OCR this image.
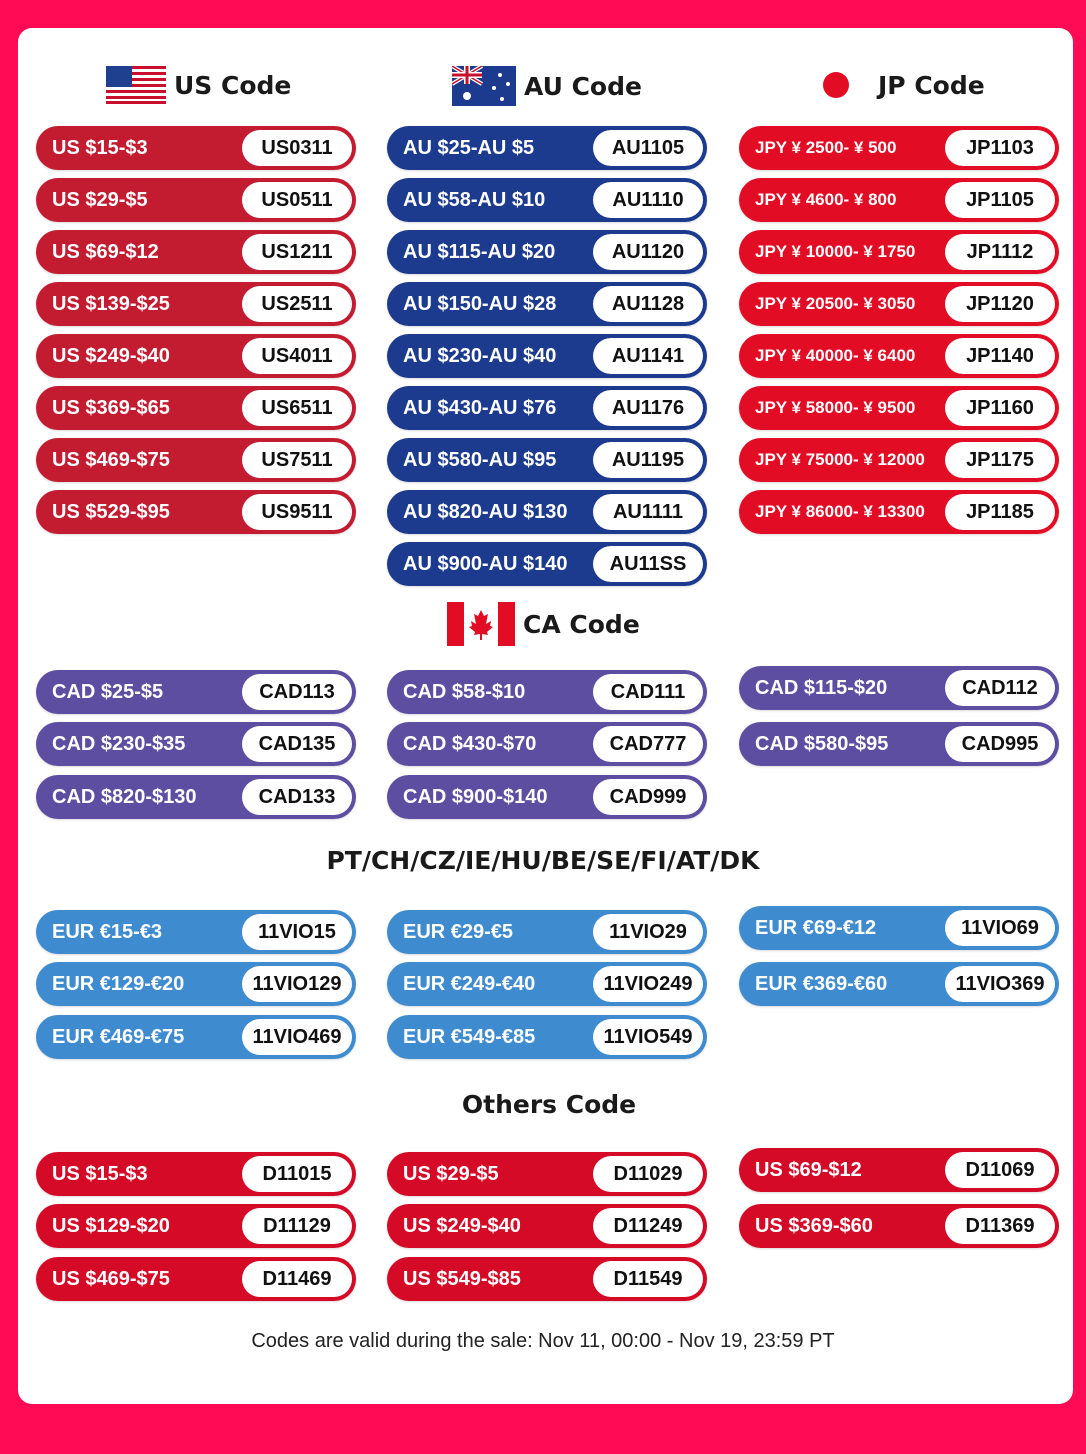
US Code	AU Code	JP Code
CA Code
PT/CH/CZ/IE/HU/BE/SE/FI/AT/DK
Others Code
US $15-$3	US0311
US $29-$5	US0511
US $69-$12	US1211
US $139-$25	US2511
US $249-$40	US4011
US $369-$65	US6511
US $469-$75	US7511
US $529-$95	US9511
AU $25-AU $5	AU1105
AU $58-AU $10	AU1110
AU $115-AU $20	AU1120
AU $150-AU $28	AU1128
AU $230-AU $40	AU1141
AU $430-AU $76	AU1176
AU $580-AU $95	AU1195
AU $820-AU $130	AU1111
AU $900-AU $140	AU11SS
JPY ¥ 2500- ¥ 500	JP1103
JPY ¥ 4600- ¥ 800	JP1105
JPY ¥ 10000- ¥ 1750	JP1112
JPY ¥ 20500- ¥ 3050	JP1120
JPY ¥ 40000- ¥ 6400	JP1140
JPY ¥ 58000- ¥ 9500	JP1160
JPY ¥ 75000- ¥ 12000	JP1175
JPY ¥ 86000- ¥ 13300	JP1185
CAD $25-$5	CAD113	CAD $58-$10	CAD111	CAD $115-$20	CAD112
CAD $230-$35	CAD135	CAD $430-$70	CAD777	CAD $580-$95	CAD995
CAD $820-$130	CAD133	CAD $900-$140	CAD999
EUR €15-€3	11VIO15	EUR €29-€5	11VIO29	EUR €69-€12	11VIO69
EUR €129-€20	11VIO129	EUR €249-€40	11VIO249	EUR €369-€60	11VIO369
EUR €469-€75	11VIO469	EUR €549-€85	11VIO549
US $15-$3	D11015	US $29-$5	D11029	US $69-$12	D11069
US $129-$20	D11129	US $249-$40	D11249	US $369-$60	D11369
US $469-$75	D11469	US $549-$85	D11549
Codes are valid during the sale: Nov 11, 00:00 - Nov 19, 23:59 PT
